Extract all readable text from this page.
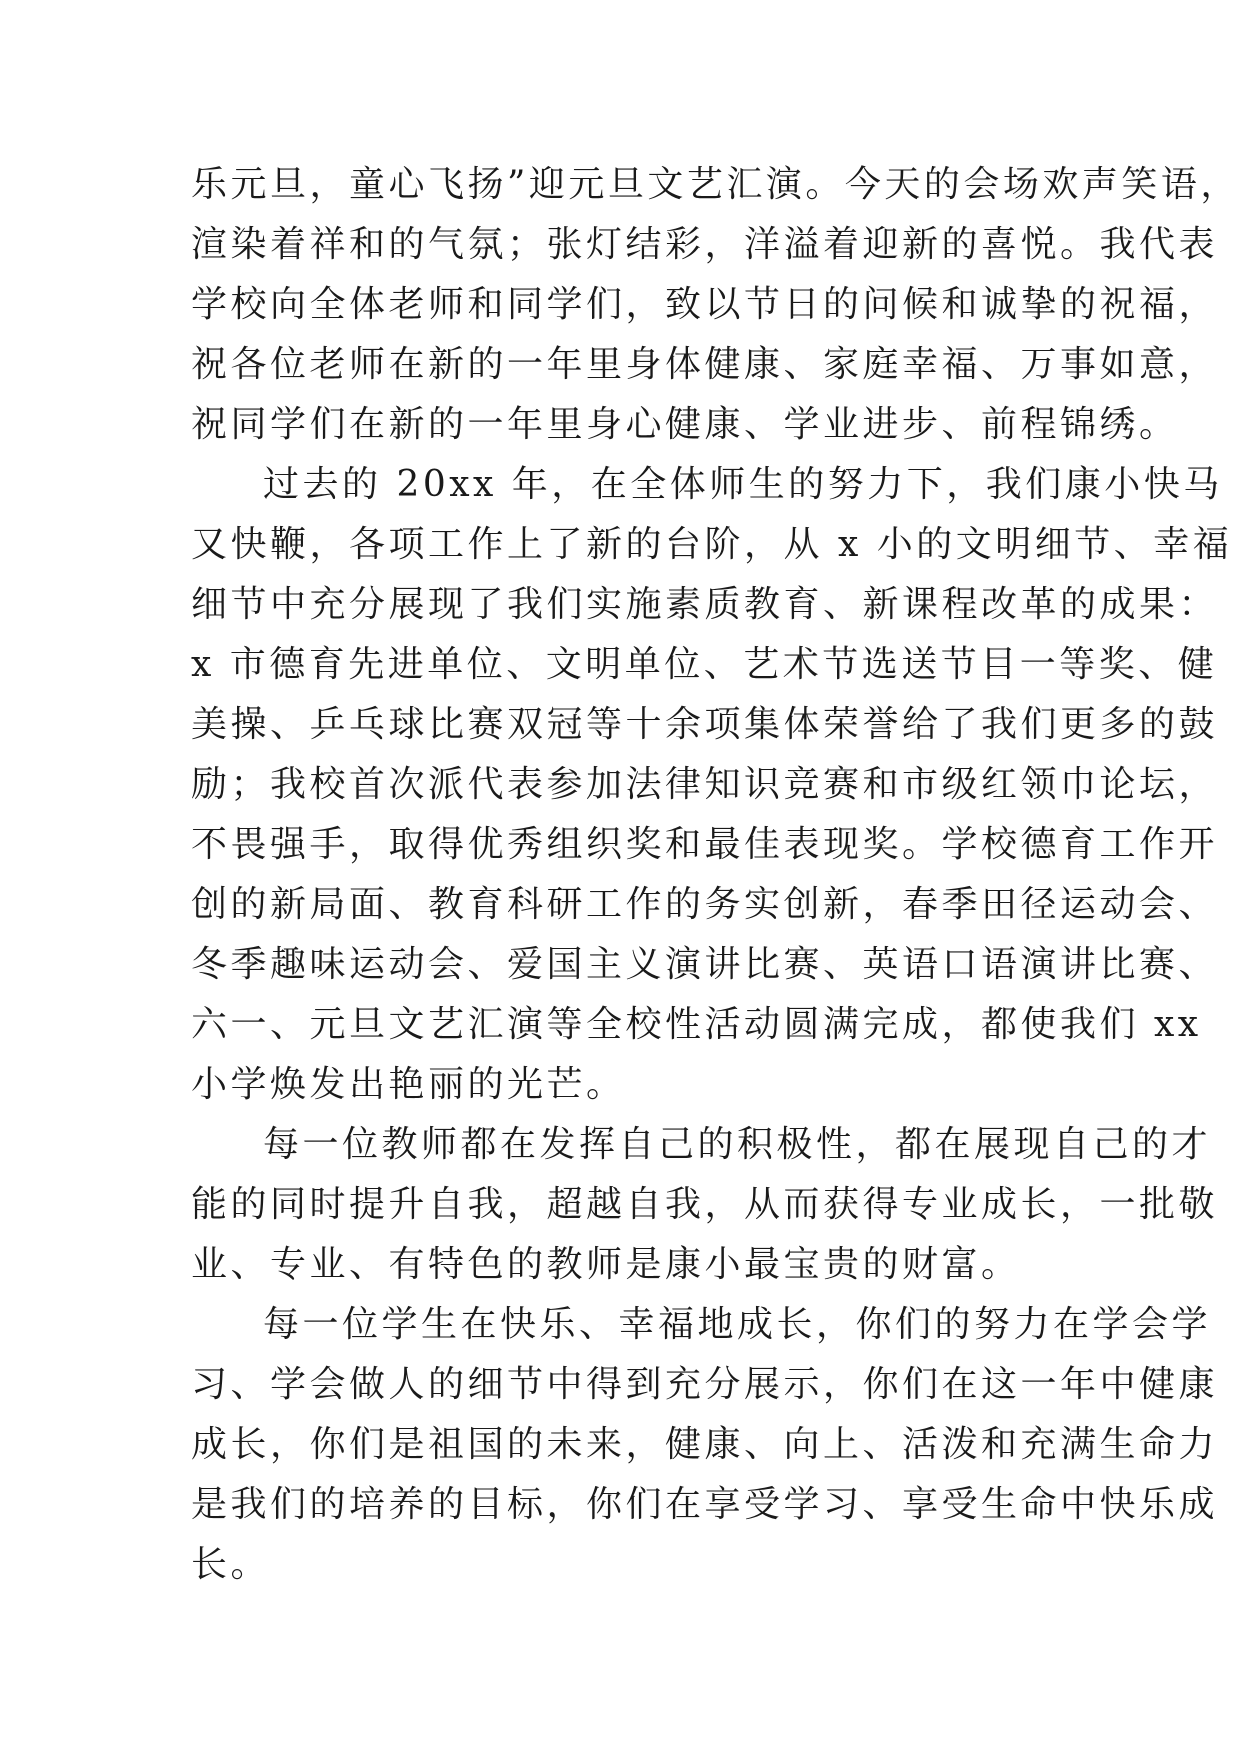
乐元旦，童心飞扬”迎元旦文艺汇演。今天的会场欢声笑语，
渲染着祥和的气氛；张灯结彩，洋溢着迎新的喜悦。我代表
学校向全体老师和同学们，致以节日的问候和诚挚的祝福，
祝各位老师在新的一年里身体健康、家庭幸福、万事如意，
祝同学们在新的一年里身心健康、学业进步、前程锦绣。
过去的 20xx 年，在全体师生的努力下，我们康小快马
又快鞭，各项工作上了新的台阶，从 x 小的文明细节、幸福
细节中充分展现了我们实施素质教育、新课程改革的成果：
x 市德育先进单位、文明单位、艺术节选送节目一等奖、健
美操、乒乓球比赛双冠等十余项集体荣誉给了我们更多的鼓
励；我校首次派代表参加法律知识竞赛和市级红领巾论坛，
不畏强手，取得优秀组织奖和最佳表现奖。学校德育工作开
创的新局面、教育科研工作的务实创新，春季田径运动会、
冬季趣味运动会、爱国主义演讲比赛、英语口语演讲比赛、
六一、元旦文艺汇演等全校性活动圆满完成，都使我们 xx
小学焕发出艳丽的光芒。
每一位教师都在发挥自己的积极性，都在展现自己的才
能的同时提升自我，超越自我，从而获得专业成长，一批敬
业、专业、有特色的教师是康小最宝贵的财富。
每一位学生在快乐、幸福地成长，你们的努力在学会学
习、学会做人的细节中得到充分展示，你们在这一年中健康
成长，你们是祖国的未来，健康、向上、活泼和充满生命力
是我们的培养的目标，你们在享受学习、享受生命中快乐成
长。
